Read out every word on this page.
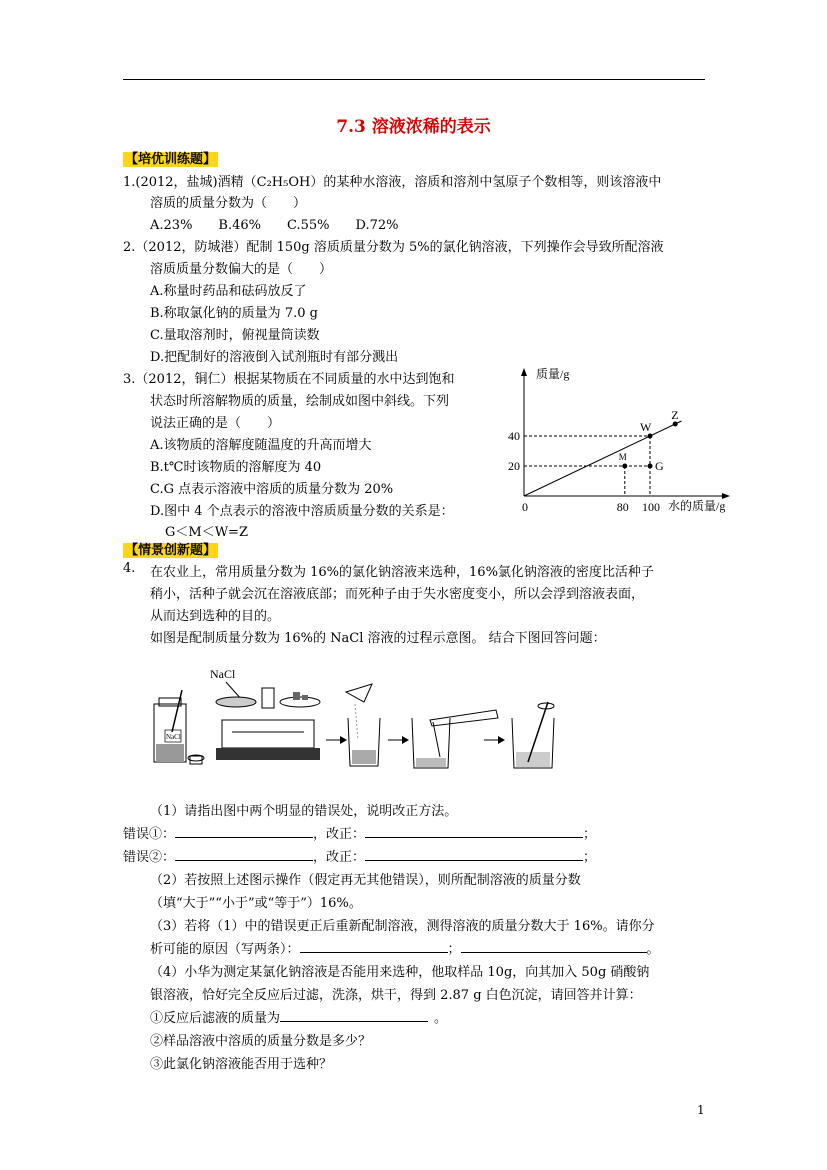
7.3 溶液浓稀的表示
【培优训练题】
1.(2012，盐城)酒精（C₂H₅OH）的某种水溶液，溶质和溶剂中氢原子个数相等，则该溶液中
溶质的质量分数为（　　）
A.23%　　B.46%　　C.55%　　D.72%
2.（2012，防城港）配制 150g 溶质质量分数为 5%的氯化钠溶液，下列操作会导致所配溶液
溶质质量分数偏大的是（　　）
A.称量时药品和砝码放反了
B.称取氯化钠的质量为 7.0 g
C.量取溶剂时，俯视量筒读数
D.把配制好的溶液倒入试剂瓶时有部分溅出
3.（2012，铜仁）根据某物质在不同质量的水中达到饱和
状态时所溶解物质的质量，绘制成如图中斜线。下列
说法正确的是（　　）
A.该物质的溶解度随温度的升高而增大
B.t℃时该物质的溶解度为 40
C.G 点表示溶液中溶质的质量分数为 20%
D.图中 4 个点表示的溶液中溶质质量分数的关系是：
G＜M＜W=Z
质量/g
水的质量/g
20
40
0	80 100
M
G
W
Z
【情景创新题】
4. 在农业上，常用质量分数为 16%的氯化钠溶液来选种，16%氯化钠溶液的密度比活种子
稍小，活种子就会沉在溶液底部；而死种子由于失水密度变小，所以会浮到溶液表面，
从而达到选种的目的。
如图是配制质量分数为 16%的 NaCl 溶液的过程示意图。 结合下图回答问题：
NaCl
NaCl
（1）请指出图中两个明显的错误处，说明改正方法。
错误①：	，改正：	；
错误②：	，改正：	；
（2）若按照上述图示操作（假定再无其他错误），则所配制溶液的质量分数
（填“大于”“小于”或“等于”）16%。
（3）若将（1）中的错误更正后重新配制溶液，测得溶液的质量分数大于 16%。请你分
析可能的原因（写两条）：	；	。
（4）小华为测定某氯化钠溶液是否能用来选种，他取样品 10g，向其加入 50g 硝酸钠
银溶液，恰好完全反应后过滤，洗涤，烘干，得到 2.87 g 白色沉淀，请回答并计算：
①反应后滤液的质量为	。
②样品溶液中溶质的质量分数是多少？
③此氯化钠溶液能否用于选种？
1
